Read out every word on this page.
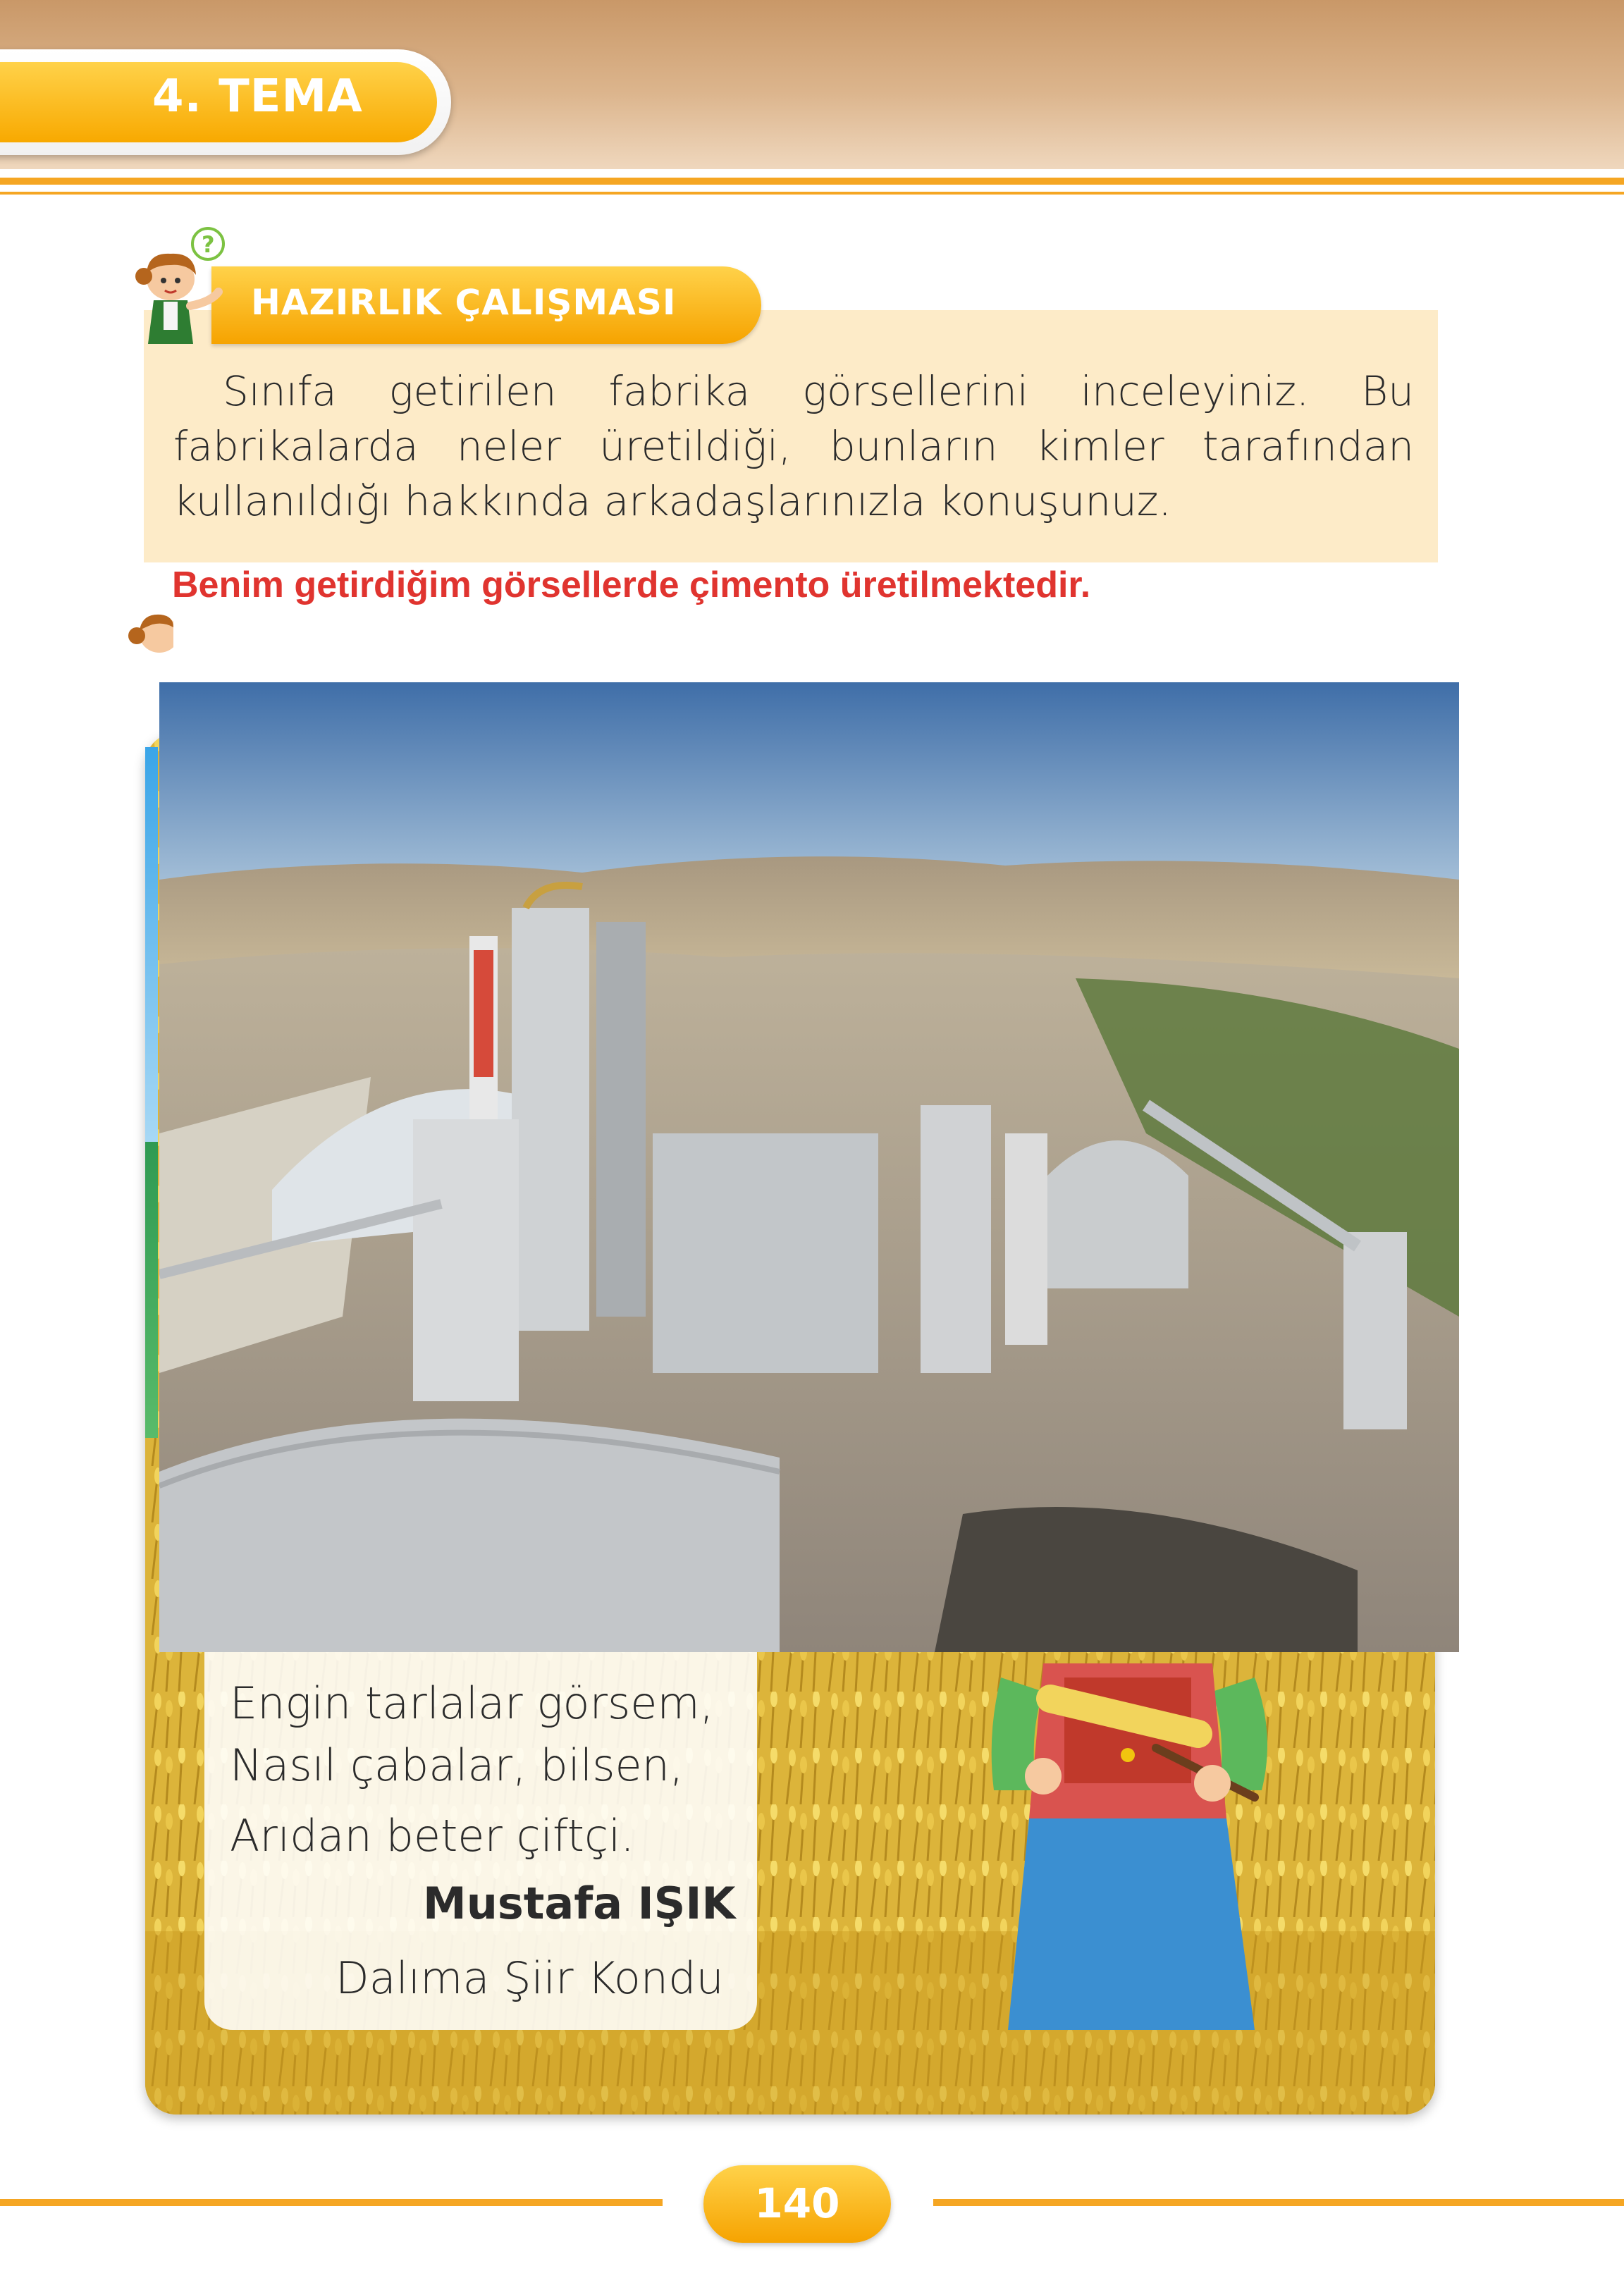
4. TEMA
HAZIRLIK ÇALIŞMASI
?

Sınıfa getirilen fabrika görsellerini inceleyiniz. Bu fabrikalarda neler üretildiği, bunların kimler tarafından kullanıldığı hakkında arkadaşlarınızla konuşunuz.

Benim getirdiğim görsellerde çimento üretilmektedir.

Engin tarlalar görsem,
Nasıl çabalar, bilsen,
Arıdan beter çiftçi.
Mustafa IŞIK
Dalıma Şiir Kondu
140
